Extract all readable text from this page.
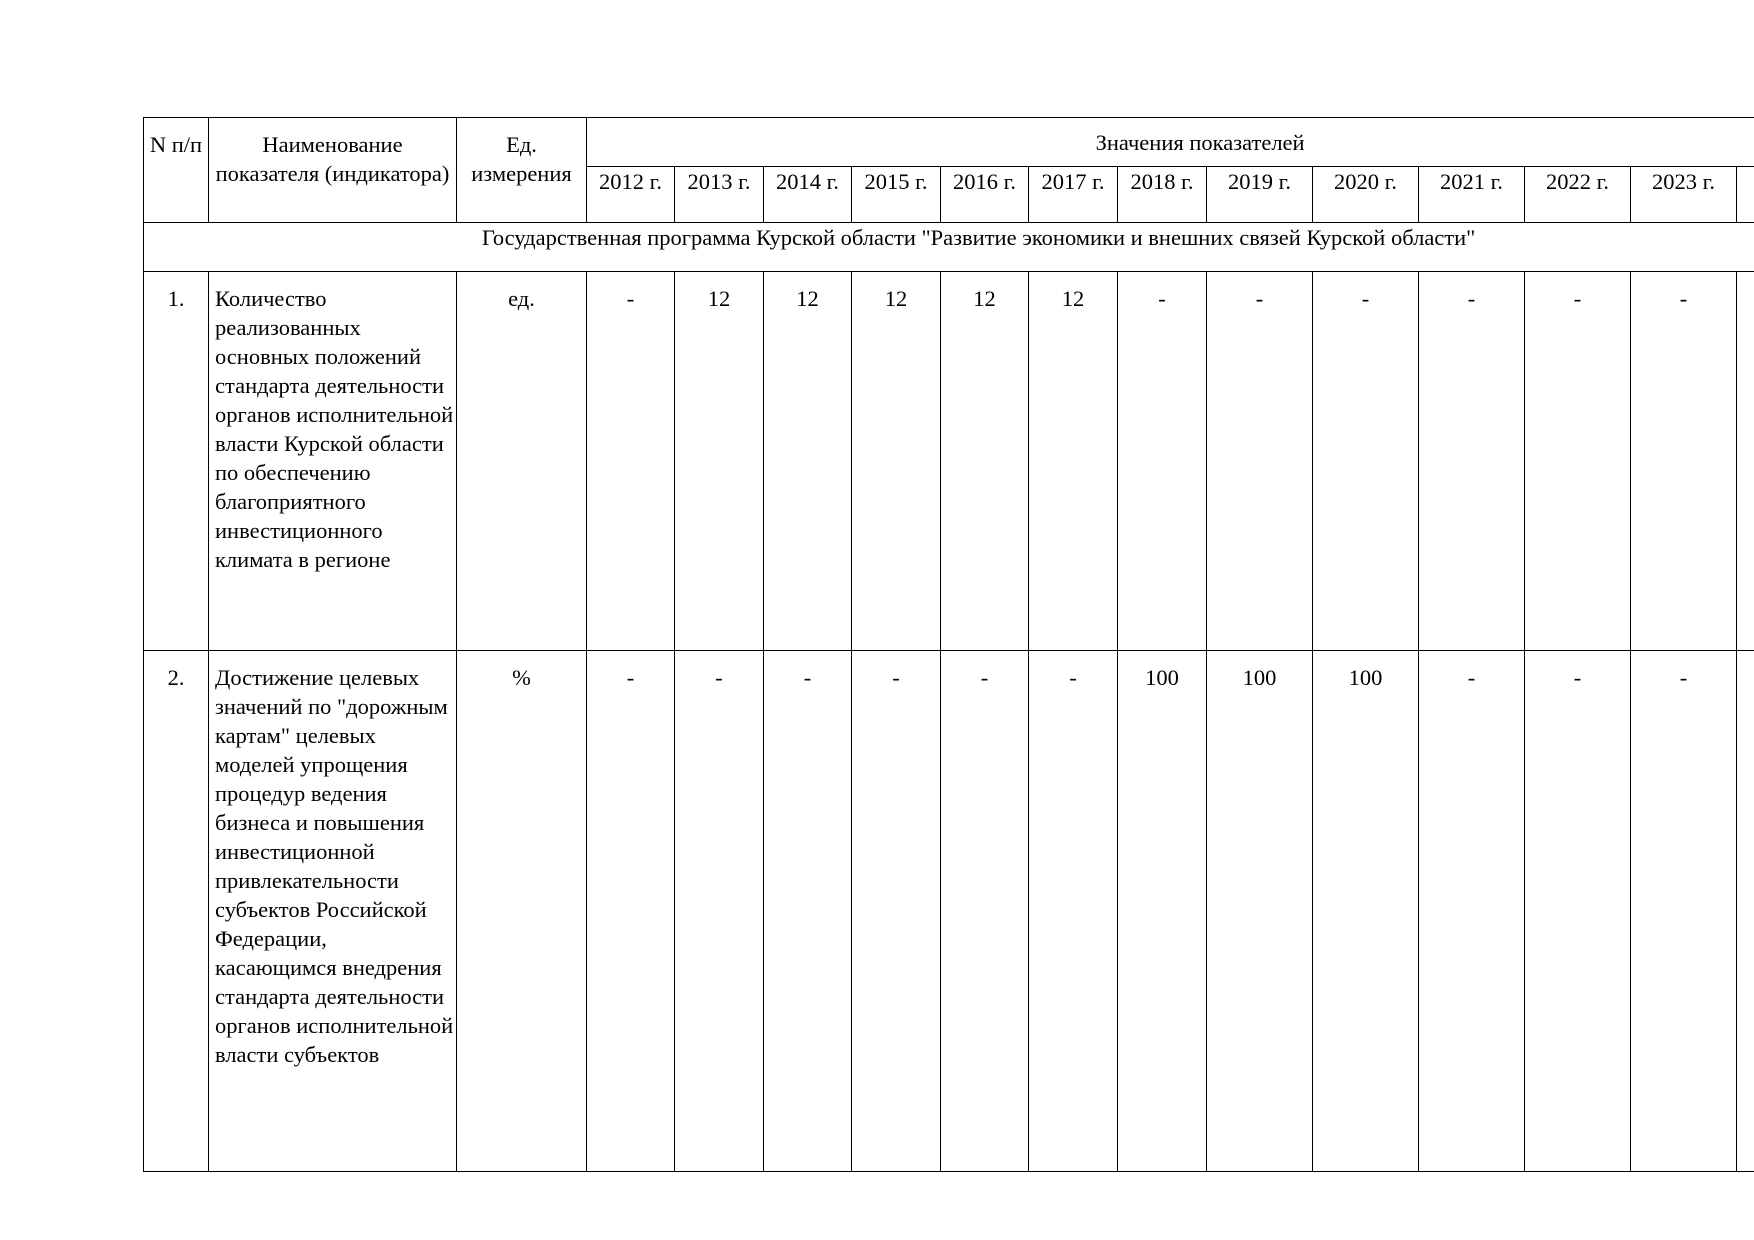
N п/п	Наименование показателя (индикатора)	Ед. измерения	Значения показателей												
			2012 г.	2013 г.	2014 г.	2015 г.	2016 г.	2017 г.	2018 г.	2019 г.	2020 г.	2021 г.	2022 г.	2023 г.	
Государственная программа Курской области "Развитие экономики и внешних связей Курской области"															
1.	Количество реализованных основных положений стандарта деятельности органов исполнительной власти Курской области по обеспечению благоприятного инвестиционного климата в регионе	ед.	-	12	12	12	12	12	-	-	-	-	-	-	
2.	Достижение целевых значений по "дорожным картам" целевых моделей упрощения процедур ведения бизнеса и повышения инвестиционной привлекательности субъектов Российской Федерации, касающимся внедрения стандарта деятельности органов исполнительной власти субъектов	%	-	-	-	-	-	-	100	100	100	-	-	-	
